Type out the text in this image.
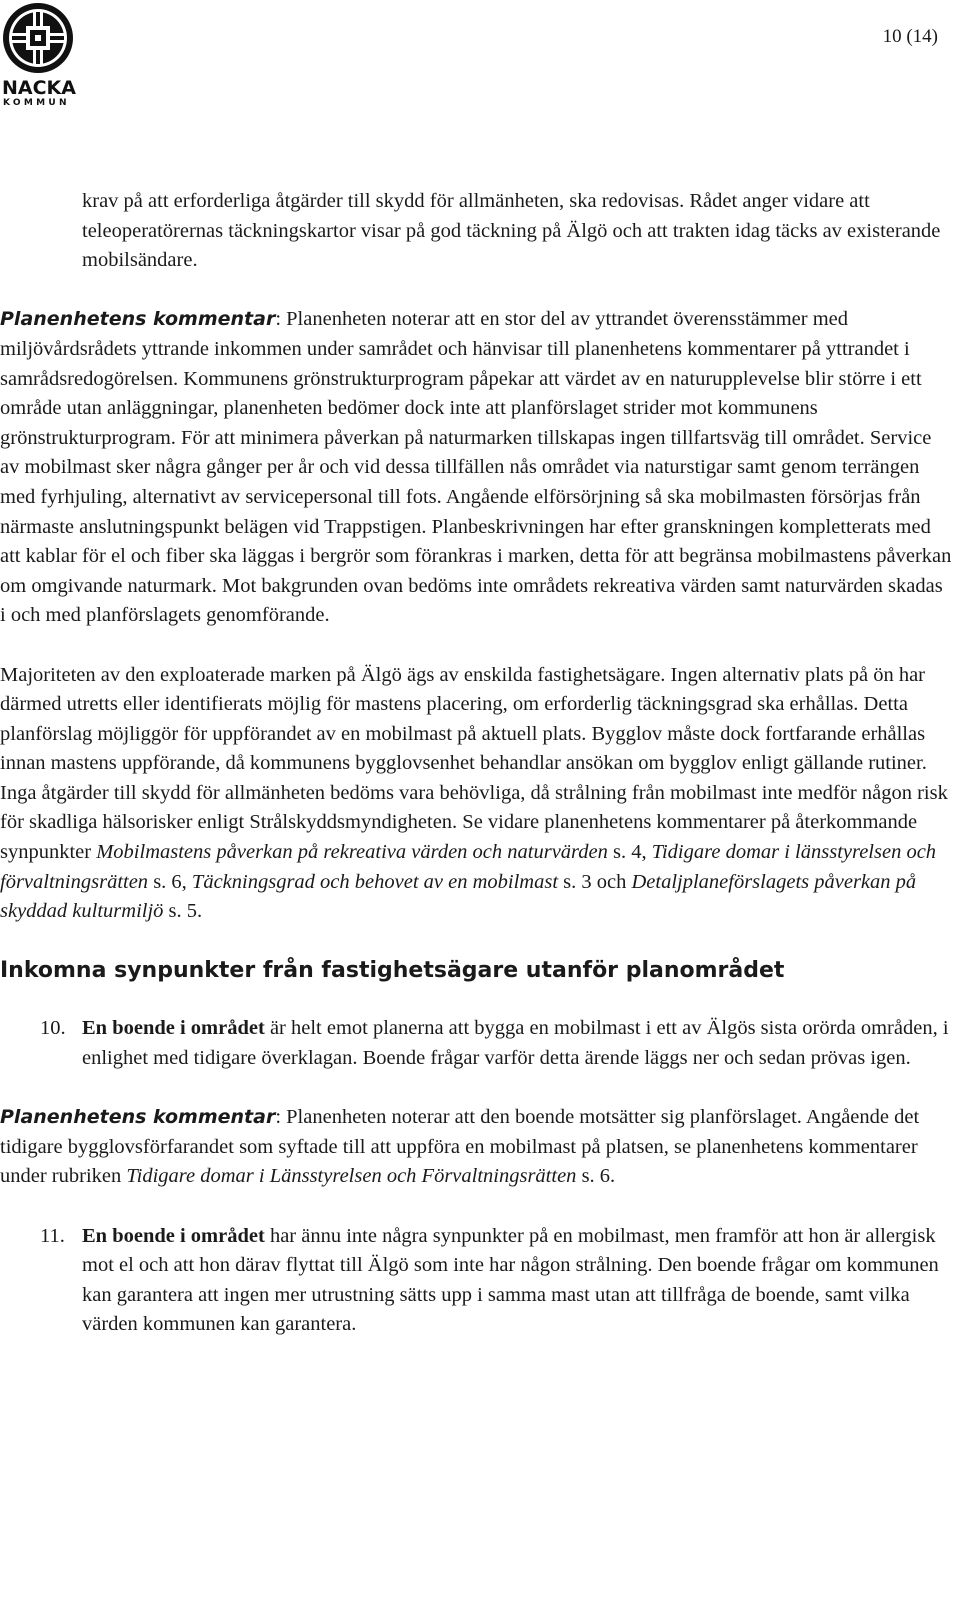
NACKA
KOMMUN
10 (14)

krav på att erforderliga åtgärder till skydd för allmänheten, ska redovisas. Rådet anger vidare att teleoperatörernas täckningskartor visar på god täckning på Älgö och att trakten idag täcks av existerande mobilsändare.

Planenhetens kommentar: Planenheten noterar att en stor del av yttrandet överensstämmer med miljövårdsrådets yttrande inkommen under samrådet och hänvisar till planenhetens kommentarer på yttrandet i samrådsredogörelsen. Kommunens grönstrukturprogram påpekar att värdet av en naturupplevelse blir större i ett område utan anläggningar, planenheten bedömer dock inte att planförslaget strider mot kommunens grönstrukturprogram. För att minimera påverkan på naturmarken tillskapas ingen tillfartsväg till området. Service av mobilmast sker några gånger per år och vid dessa tillfällen nås området via naturstigar samt genom terrängen med fyrhjuling, alternativt av servicepersonal till fots. Angående elförsörjning så ska mobilmasten försörjas från närmaste anslutningspunkt belägen vid Trappstigen. Planbeskrivningen har efter granskningen kompletterats med att kablar för el och fiber ska läggas i bergrör som förankras i marken, detta för att begränsa mobilmastens påverkan om omgivande naturmark. Mot bakgrunden ovan bedöms inte områdets rekreativa värden samt naturvärden skadas i och med planförslagets genomförande.

Majoriteten av den exploaterade marken på Älgö ägs av enskilda fastighetsägare. Ingen alternativ plats på ön har därmed utretts eller identifierats möjlig för mastens placering, om erforderlig täckningsgrad ska erhållas. Detta planförslag möjliggör för uppförandet av en mobilmast på aktuell plats. Bygglov måste dock fortfarande erhållas innan mastens uppförande, då kommunens bygglovsenhet behandlar ansökan om bygglov enligt gällande rutiner. Inga åtgärder till skydd för allmänheten bedöms vara behövliga, då strålning från mobilmast inte medför någon risk för skadliga hälsorisker enligt Strålskyddsmyndigheten. Se vidare planenhetens kommentarer på återkommande synpunkter Mobilmastens påverkan på rekreativa värden och naturvärden s. 4, Tidigare domar i länsstyrelsen och förvaltningsrätten s. 6, Täckningsgrad och behovet av en mobilmast s. 3 och Detaljplaneförslagets påverkan på skyddad kulturmiljö s. 5.

Inkomna synpunkter från fastighetsägare utanför planområdet
10. En boende i området är helt emot planerna att bygga en mobilmast i ett av Älgös sista orörda områden, i enlighet med tidigare överklagan. Boende frågar varför detta ärende läggs ner och sedan prövas igen.

Planenhetens kommentar: Planenheten noterar att den boende motsätter sig planförslaget. Angående det tidigare bygglovsförfarandet som syftade till att uppföra en mobilmast på platsen, se planenhetens kommentarer under rubriken Tidigare domar i Länsstyrelsen och Förvaltningsrätten s. 6.

11. En boende i området har ännu inte några synpunkter på en mobilmast, men framför att hon är allergisk mot el och att hon därav flyttat till Älgö som inte har någon strålning. Den boende frågar om kommunen kan garantera att ingen mer utrustning sätts upp i samma mast utan att tillfråga de boende, samt vilka värden kommunen kan garantera.
